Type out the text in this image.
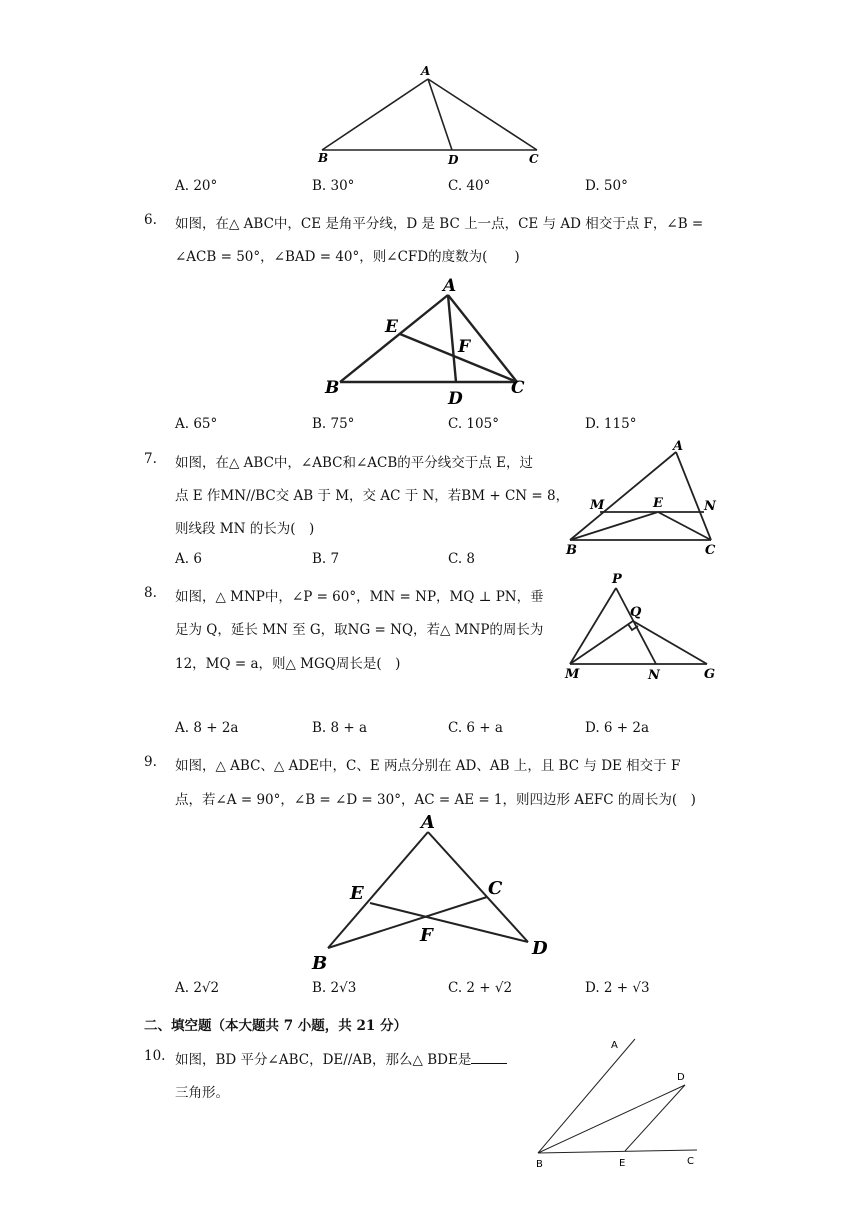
A
B	D	C
A. 20°	B. 30°	C. 40°	D. 50°
6. 如图，在△ ABC中，CE 是角平分线，D 是 BC 上一点，CE 与 AD 相交于点 F，∠B =
∠ACB = 50°，∠BAD = 40°，则∠CFD的度数为(　　)
A
E
F
B
D
C
A. 65°	B. 75°	C. 105°	D. 115°
7. 如图，在△ ABC中，∠ABC和∠ACB的平分线交于点 E，过
点 E 作MN//BC交 AB 于 M，交 AC 于 N，若BM + CN = 8，
则线段 MN 的长为(　)
A
M	E	N
B	C
A. 6	B. 7	C. 8
8. 如图，△ MNP中，∠P = 60°，MN = NP，MQ ⊥ PN，垂
足为 Q，延长 MN 至 G，取NG = NQ，若△ MNP的周长为
12，MQ = a，则△ MGQ周长是(　)
P
Q
M	N	G
A. 8 + 2a	B. 8 + a	C. 6 + a	D. 6 + 2a
9. 如图，△ ABC、△ ADE中，C、E 两点分别在 AD、AB 上，且 BC 与 DE 相交于 F
点，若∠A = 90°，∠B = ∠D = 30°，AC = AE = 1，则四边形 AEFC 的周长为(　)
A
E	C
F
D
B
A. 2√2	B. 2√3	C. 2 + √2	D. 2 + √3
二、填空题（本大题共 7 小题，共 21 分）
10. 如图，BD 平分∠ABC，DE//AB，那么△ BDE是
三角形。
A
D
B	E	C
